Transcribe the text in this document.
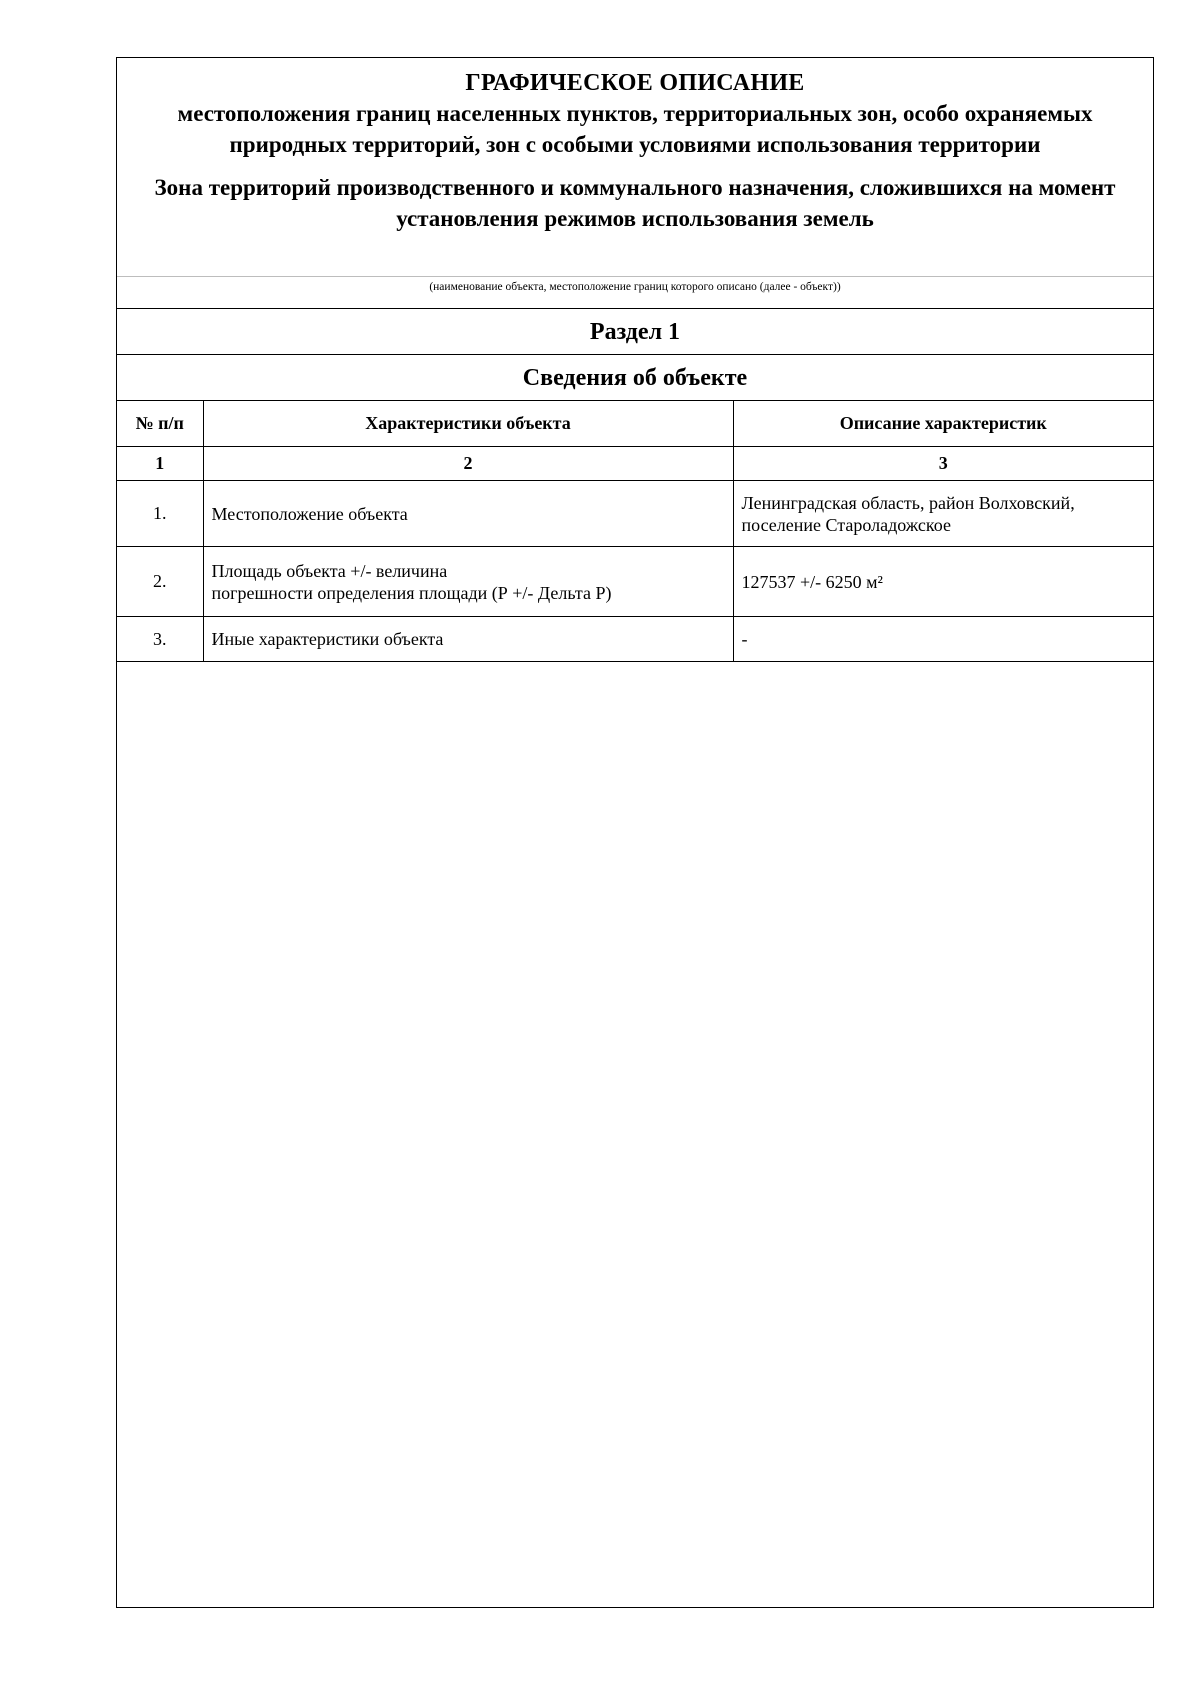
ГРАФИЧЕСКОЕ ОПИСАНИЕ
местоположения границ населенных пунктов, территориальных зон, особо охраняемых природных территорий, зон с особыми условиями использования территории
Зона территорий производственного и коммунального назначения, сложившихся на момент установления режимов использования земель
(наименование объекта, местоположение границ которого описано (далее - объект))
Раздел 1
Сведения об объекте
№ п/п	Характеристики объекта	Описание характеристик
1	2	3
1.	Местоположение объекта	Ленинградская область, район Волховский,
поселение Староладожское

2.	Площадь объекта +/- величина
погрешности определения площади (Р +/- Дельта Р)	127537 +/- 6250 м²
3.	Иные характеристики объекта	-
